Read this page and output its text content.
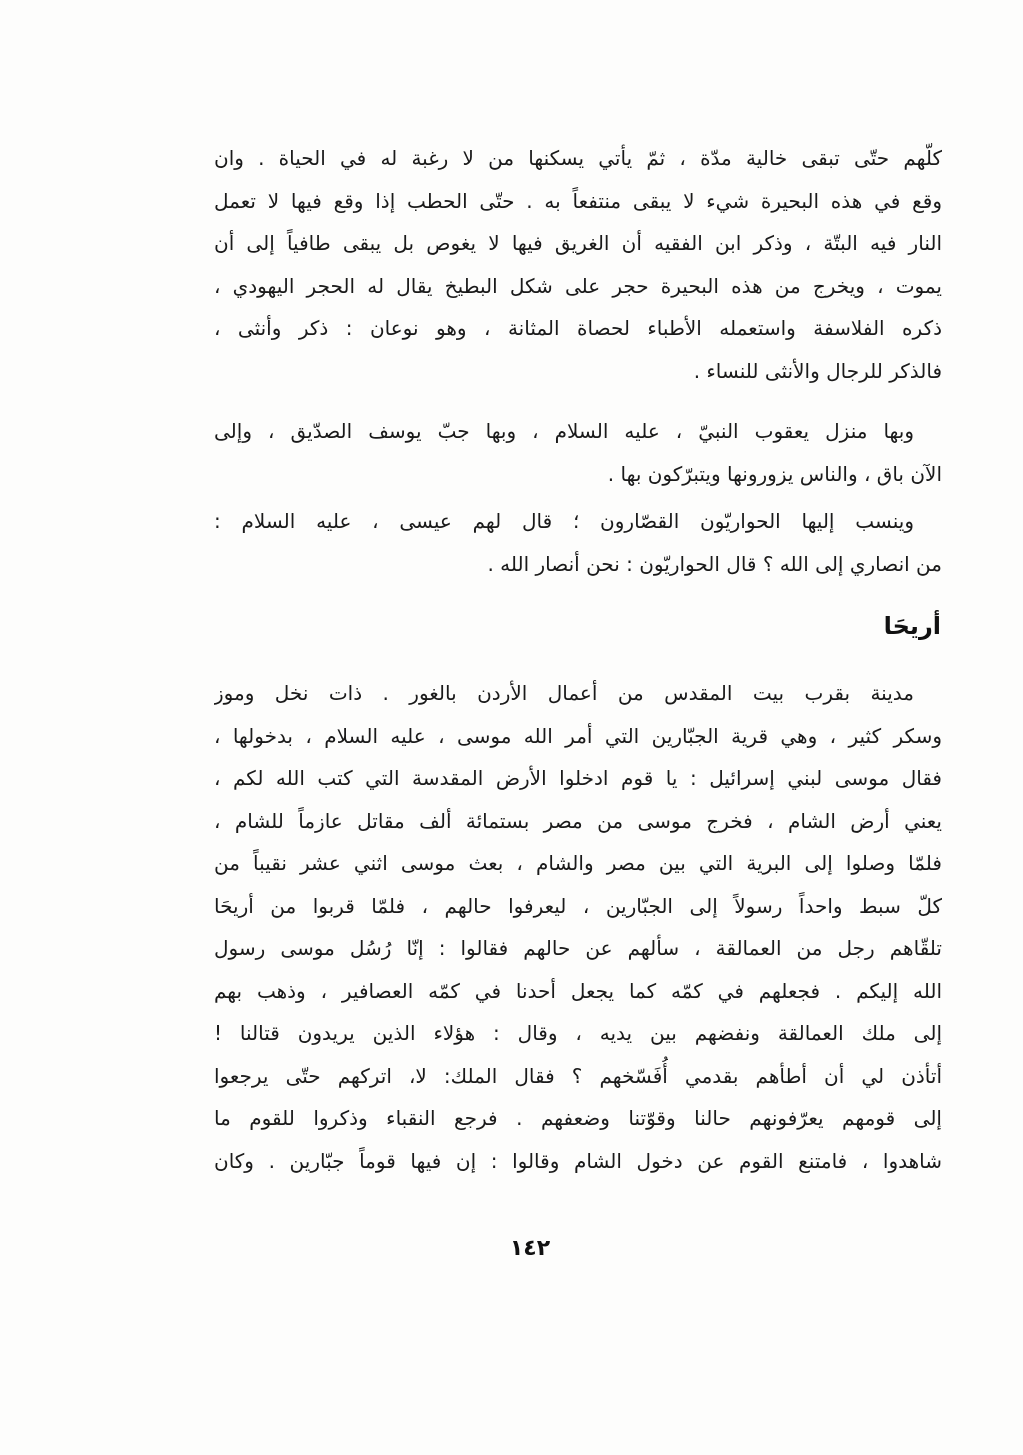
كلّهم حتّى تبقى خالية مدّة ، ثمّ يأتي يسكنها من لا رغبة له في الحياة . وان
وقع في هذه البحيرة شيء لا يبقى منتفعاً به . حتّى الحطب إذا وقع فيها لا تعمل
النار فيه البتّة ، وذكر ابن الفقيه أن الغريق فيها لا يغوص بل يبقى طافياً إلى أن
يموت ، ويخرج من هذه البحيرة حجر على شكل البطيخ يقال له الحجر اليهودي ،
ذكره الفلاسفة واستعمله الأطباء لحصاة المثانة ، وهو نوعان : ذكر وأنثى ،
فالذكر للرجال والأنثى للنساء .
وبها منزل يعقوب النبيّ ، عليه السلام ، وبها جبّ يوسف الصدّيق ، وإلى
الآن باق ، والناس يزورونها ويتبرّكون بها .
وينسب إليها الحواريّون القصّارون ؛ قال لهم عيسى ، عليه السلام :
من انصاري إلى الله ؟ قال الحواريّون : نحن أنصار الله .
أريحَا
مدينة بقرب بيت المقدس من أعمال الأردن بالغور . ذات نخل وموز
وسكر كثير ، وهي قرية الجبّارين التي أمر الله موسى ، عليه السلام ، بدخولها ،
فقال موسى لبني إسرائيل : يا قوم ادخلوا الأرض المقدسة التي كتب الله لكم ،
يعني أرض الشام ، فخرج موسى من مصر بستمائة ألف مقاتل عازماً للشام ،
فلمّا وصلوا إلى البرية التي بين مصر والشام ، بعث موسى اثني عشر نقيباً من
كلّ سبط واحداً رسولاً إلى الجبّارين ، ليعرفوا حالهم ، فلمّا قربوا من أريحَا
تلقّاهم رجل من العمالقة ، سألهم عن حالهم فقالوا : إنّا رُسُل موسى رسول
الله إليكم . فجعلهم في كمّه كما يجعل أحدنا في كمّه العصافير ، وذهب بهم
إلى ملك العمالقة ونفضهم بين يديه ، وقال : هؤلاء الذين يريدون قتالنا !
أتأذن لي أن أطأهم بقدمي أُفَسّخهم ؟ فقال الملك: لا، اتركهم حتّى يرجعوا
إلى قومهم يعرّفونهم حالنا وقوّتنا وضعفهم . فرجع النقباء وذكروا للقوم ما
شاهدوا ، فامتنع القوم عن دخول الشام وقالوا : إن فيها قوماً جبّارين . وكان
١٤٢
